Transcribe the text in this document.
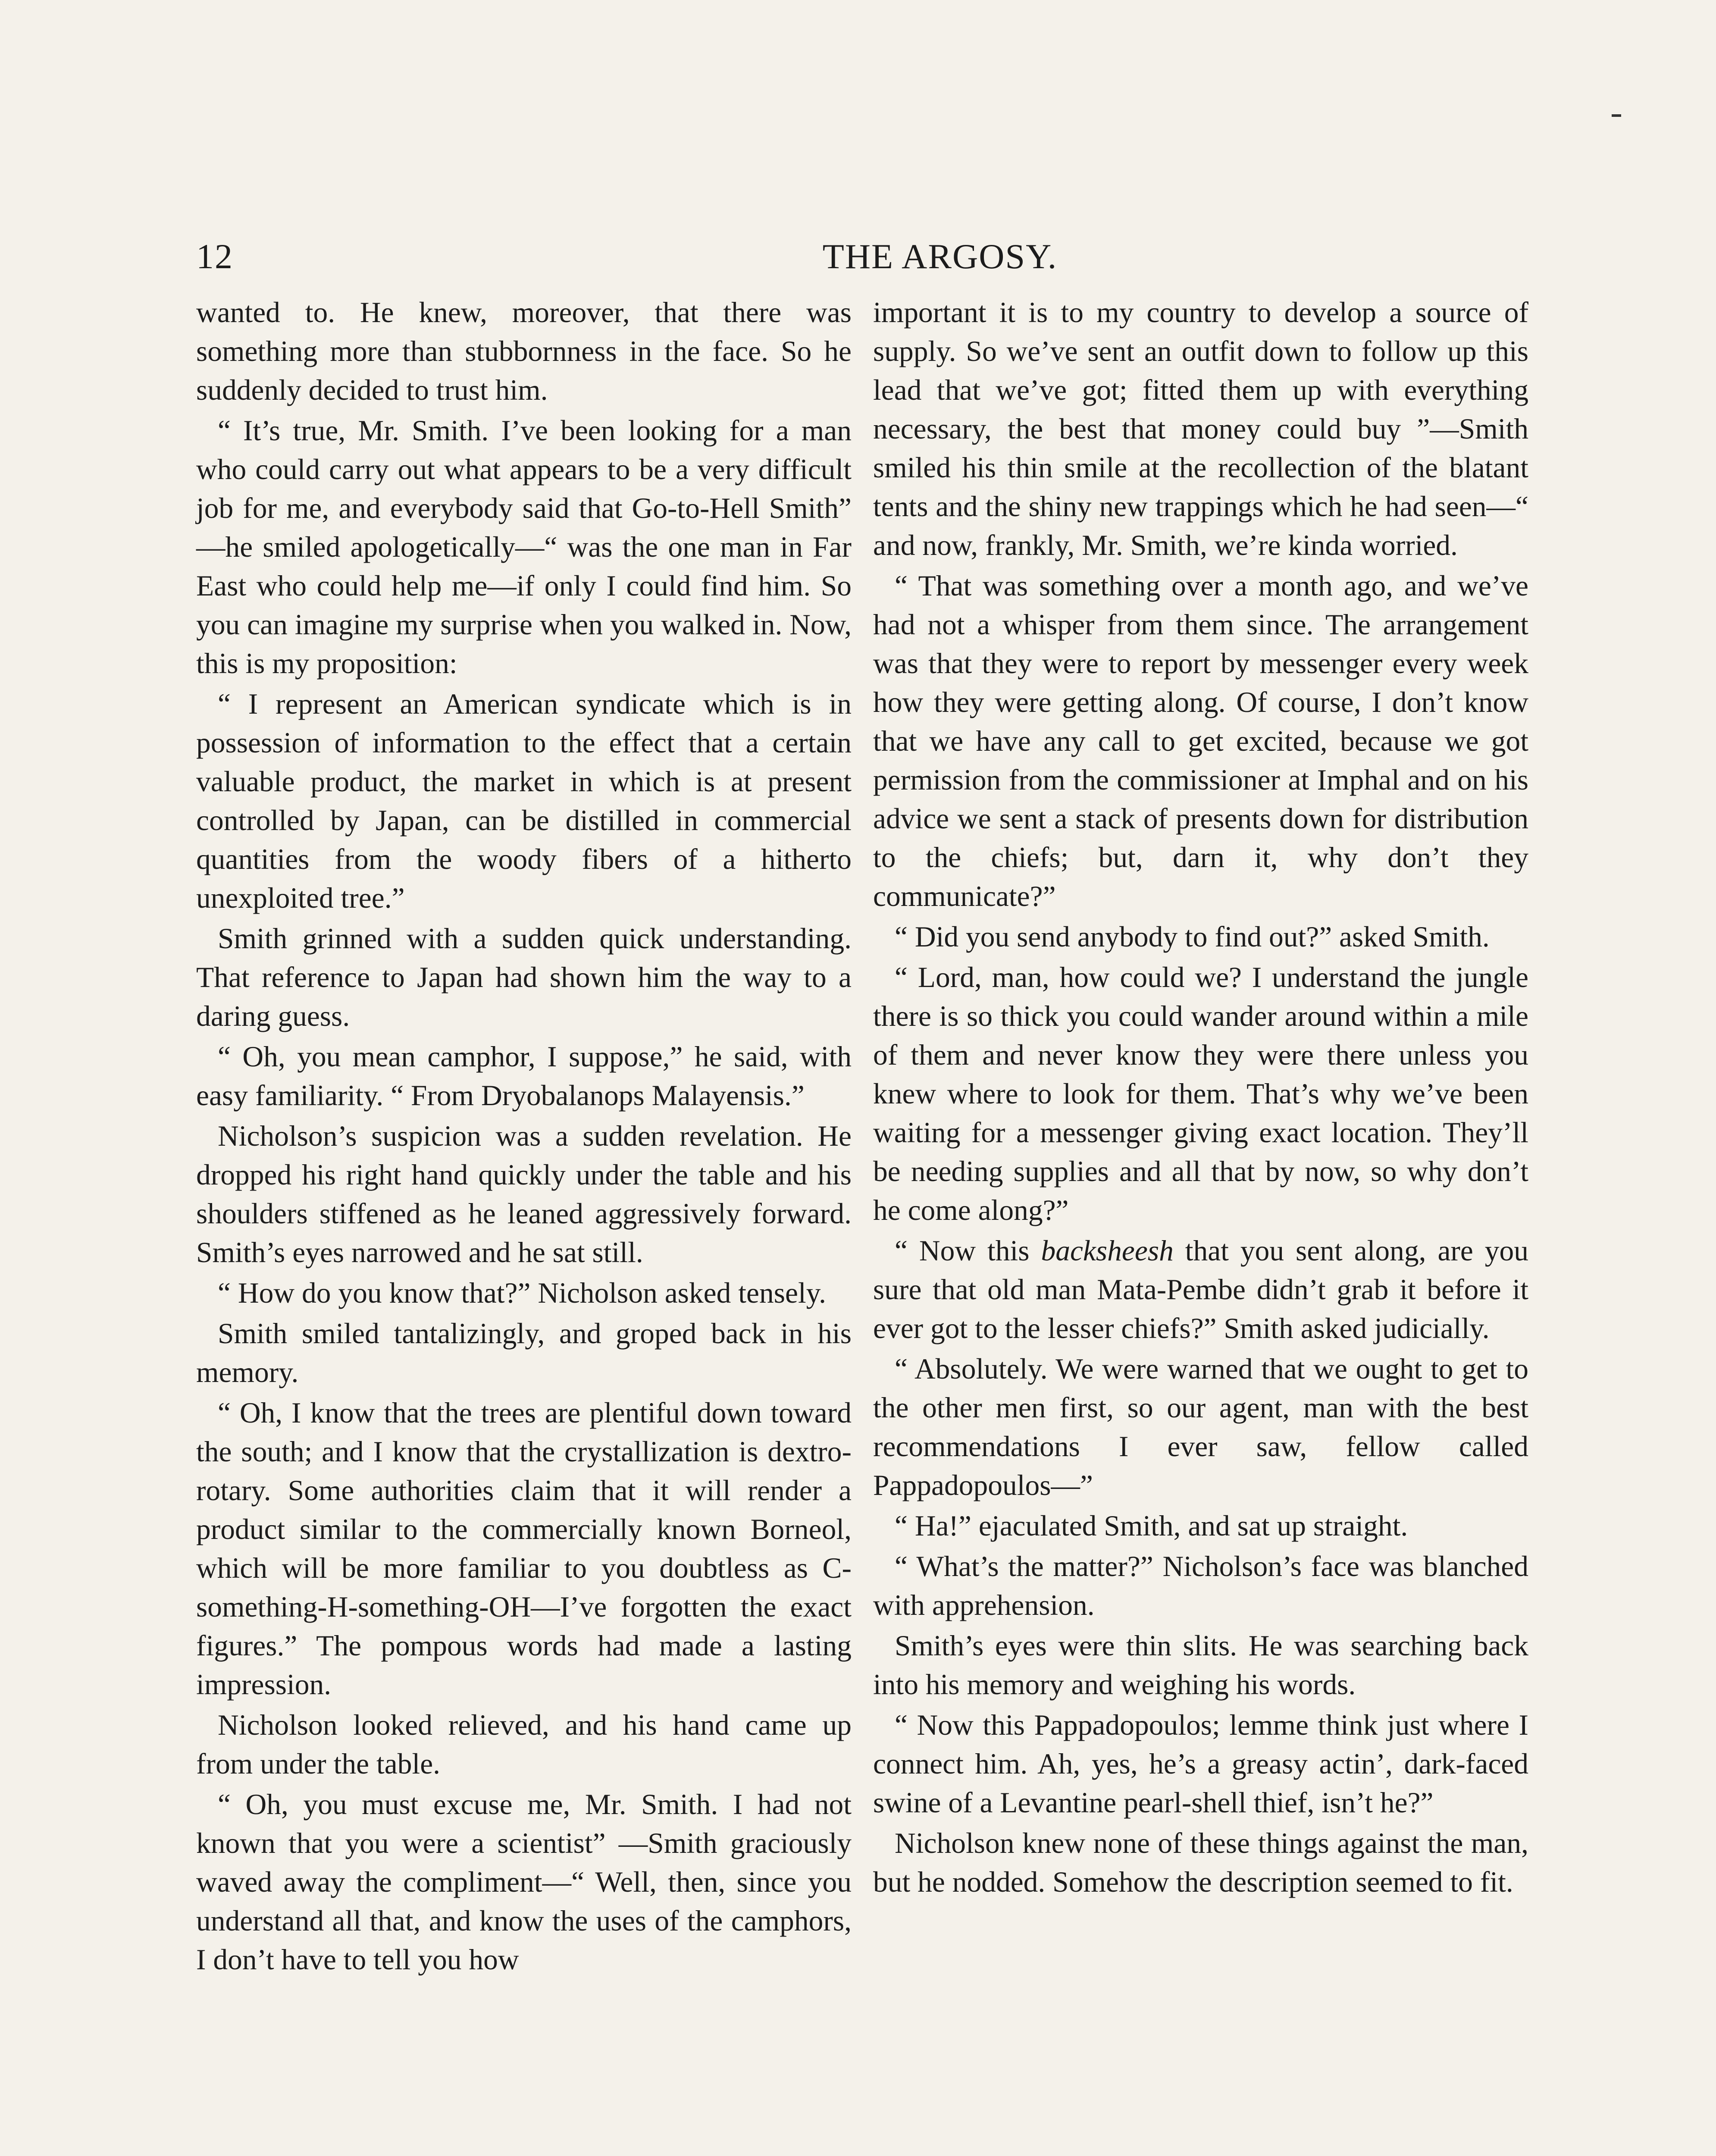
12	THE ARGOSY.

wanted to. He knew, moreover, that there was something more than stubbornness in the face. So he suddenly decided to trust him.

“ It’s true, Mr. Smith. I’ve been looking for a man who could carry out what appears to be a very difficult job for me, and everybody said that Go-to-Hell Smith” —he smiled apologetically—“ was the one man in Far East who could help me—if only I could find him. So you can imagine my surprise when you walked in. Now, this is my proposition:

“ I represent an American syndicate which is in possession of information to the effect that a certain valuable product, the market in which is at present controlled by Japan, can be distilled in commercial quantities from the woody fibers of a hitherto unexploited tree.”

Smith grinned with a sudden quick understanding. That reference to Japan had shown him the way to a daring guess.

“ Oh, you mean camphor, I suppose,” he said, with easy familiarity. “ From Dryobalanops Malayensis.”

Nicholson’s suspicion was a sudden revelation. He dropped his right hand quickly under the table and his shoulders stiffened as he leaned aggressively forward. Smith’s eyes narrowed and he sat still.

“ How do you know that?” Nicholson asked tensely.

Smith smiled tantalizingly, and groped back in his memory.

“ Oh, I know that the trees are plentiful down toward the south; and I know that the crystallization is dextro-rotary. Some authorities claim that it will render a product similar to the commercially known Borneol, which will be more familiar to you doubtless as C-something-H-something-OH—I’ve forgotten the exact figures.” The pompous words had made a lasting impression.

Nicholson looked relieved, and his hand came up from under the table.

“ Oh, you must excuse me, Mr. Smith. I had not known that you were a scientist” —Smith graciously waved away the compliment—“ Well, then, since you understand all that, and know the uses of the camphors, I don’t have to tell you how

important it is to my country to develop a source of supply. So we’ve sent an outfit down to follow up this lead that we’ve got; fitted them up with everything necessary, the best that money could buy ”—Smith smiled his thin smile at the recollection of the blatant tents and the shiny new trappings which he had seen—“ and now, frankly, Mr. Smith, we’re kinda worried.

“ That was something over a month ago, and we’ve had not a whisper from them since. The arrangement was that they were to report by messenger every week how they were getting along. Of course, I don’t know that we have any call to get excited, because we got permission from the commissioner at Imphal and on his advice we sent a stack of presents down for distribution to the chiefs; but, darn it, why don’t they communicate?”

“ Did you send anybody to find out?” asked Smith.

“ Lord, man, how could we? I understand the jungle there is so thick you could wander around within a mile of them and never know they were there unless you knew where to look for them. That’s why we’ve been waiting for a messenger giving exact location. They’ll be needing supplies and all that by now, so why don’t he come along?”

“ Now this backsheesh that you sent along, are you sure that old man Mata-Pembe didn’t grab it before it ever got to the lesser chiefs?” Smith asked judicially.

“ Absolutely. We were warned that we ought to get to the other men first, so our agent, man with the best recommendations I ever saw, fellow called Pappadopoulos—”

“ Ha!” ejaculated Smith, and sat up straight.

“ What’s the matter?” Nicholson’s face was blanched with apprehension.

Smith’s eyes were thin slits. He was searching back into his memory and weighing his words.

“ Now this Pappadopoulos; lemme think just where I connect him. Ah, yes, he’s a greasy actin’, dark-faced swine of a Levantine pearl-shell thief, isn’t he?”

Nicholson knew none of these things against the man, but he nodded. Somehow the description seemed to fit.
